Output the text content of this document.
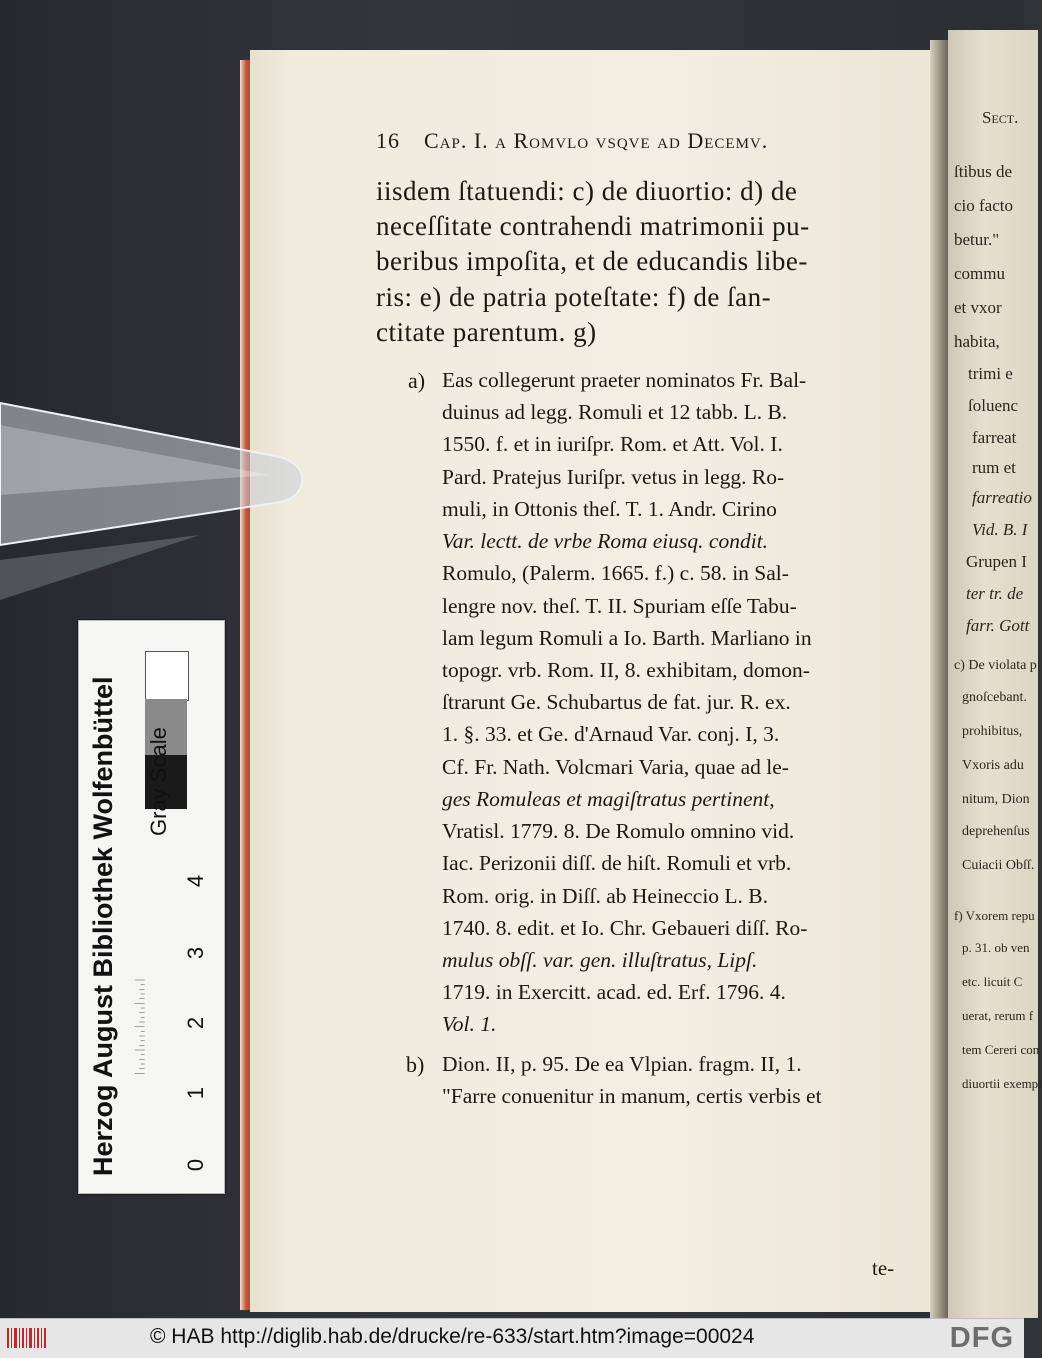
Sect.
ſtibus de
cio facto
betur."
commu
et vxor
habita,
trimi e
ſoluenc
farreat
rum et
farreatio
Vid. B. I
Grupen I
ter tr. de
farr. Gott
c) De violata p
gnoſcebant.
prohibitus,
Vxoris adu
nitum, Dion
deprehenſus
Cuiacii Obſſ.
f) Vxorem repu
p. 31. ob ven
etc. licuit C
uerat, rerum f
tem Cereri con
diuortii exempl
16 Cap. I. a Romvlo vsqve ad Decemv.
iisdem ſtatuendi: c) de diuortio: d) de
neceſſitate contrahendi matrimonii pu-
beribus impoſita, et de educandis libe-
ris: e) de patria poteſtate: f) de ſan-
ctitate parentum. g)
a) Eas collegerunt praeter nominatos Fr. Bal-
duinus ad legg. Romuli et 12 tabb. L. B.
1550. f. et in iuriſpr. Rom. et Att. Vol. I.
Pard. Pratejus Iuriſpr. vetus in legg. Ro-
muli, in Ottonis theſ. T. 1. Andr. Cirino
Var. lectt. de vrbe Roma eiusq. condit.
Romulo, (Palerm. 1665. f.) c. 58. in Sal-
lengre nov. theſ. T. II. Spuriam eſſe Tabu-
lam legum Romuli a Io. Barth. Marliano in
topogr. vrb. Rom. II, 8. exhibitam, domon-
ſtrarunt Ge. Schubartus de fat. jur. R. ex.
1. §. 33. et Ge. d'Arnaud Var. conj. I, 3.
Cf. Fr. Nath. Volcmari Varia, quae ad le-
ges Romuleas et magiſtratus pertinent,
Vratisl. 1779. 8. De Romulo omnino vid.
Iac. Perizonii diſſ. de hiſt. Romuli et vrb.
Rom. orig. in Diſſ. ab Heineccio L. B.
1740. 8. edit. et Io. Chr. Gebaueri diſſ. Ro-
mulus obſſ. var. gen. illuſtratus, Lipſ.
1719. in Exercitt. acad. ed. Erf. 1796. 4.
Vol. 1.
b) Dion. II, p. 95. De ea Vlpian. fragm. II, 1.
"Farre conuenitur in manum, certis verbis et
te-
Herzog August Bibliothek Wolfenbüttel Gray Scale
0
1
2
3
4
© HAB http://diglib.hab.de/drucke/re-633/start.htm?image=00024	DFG
